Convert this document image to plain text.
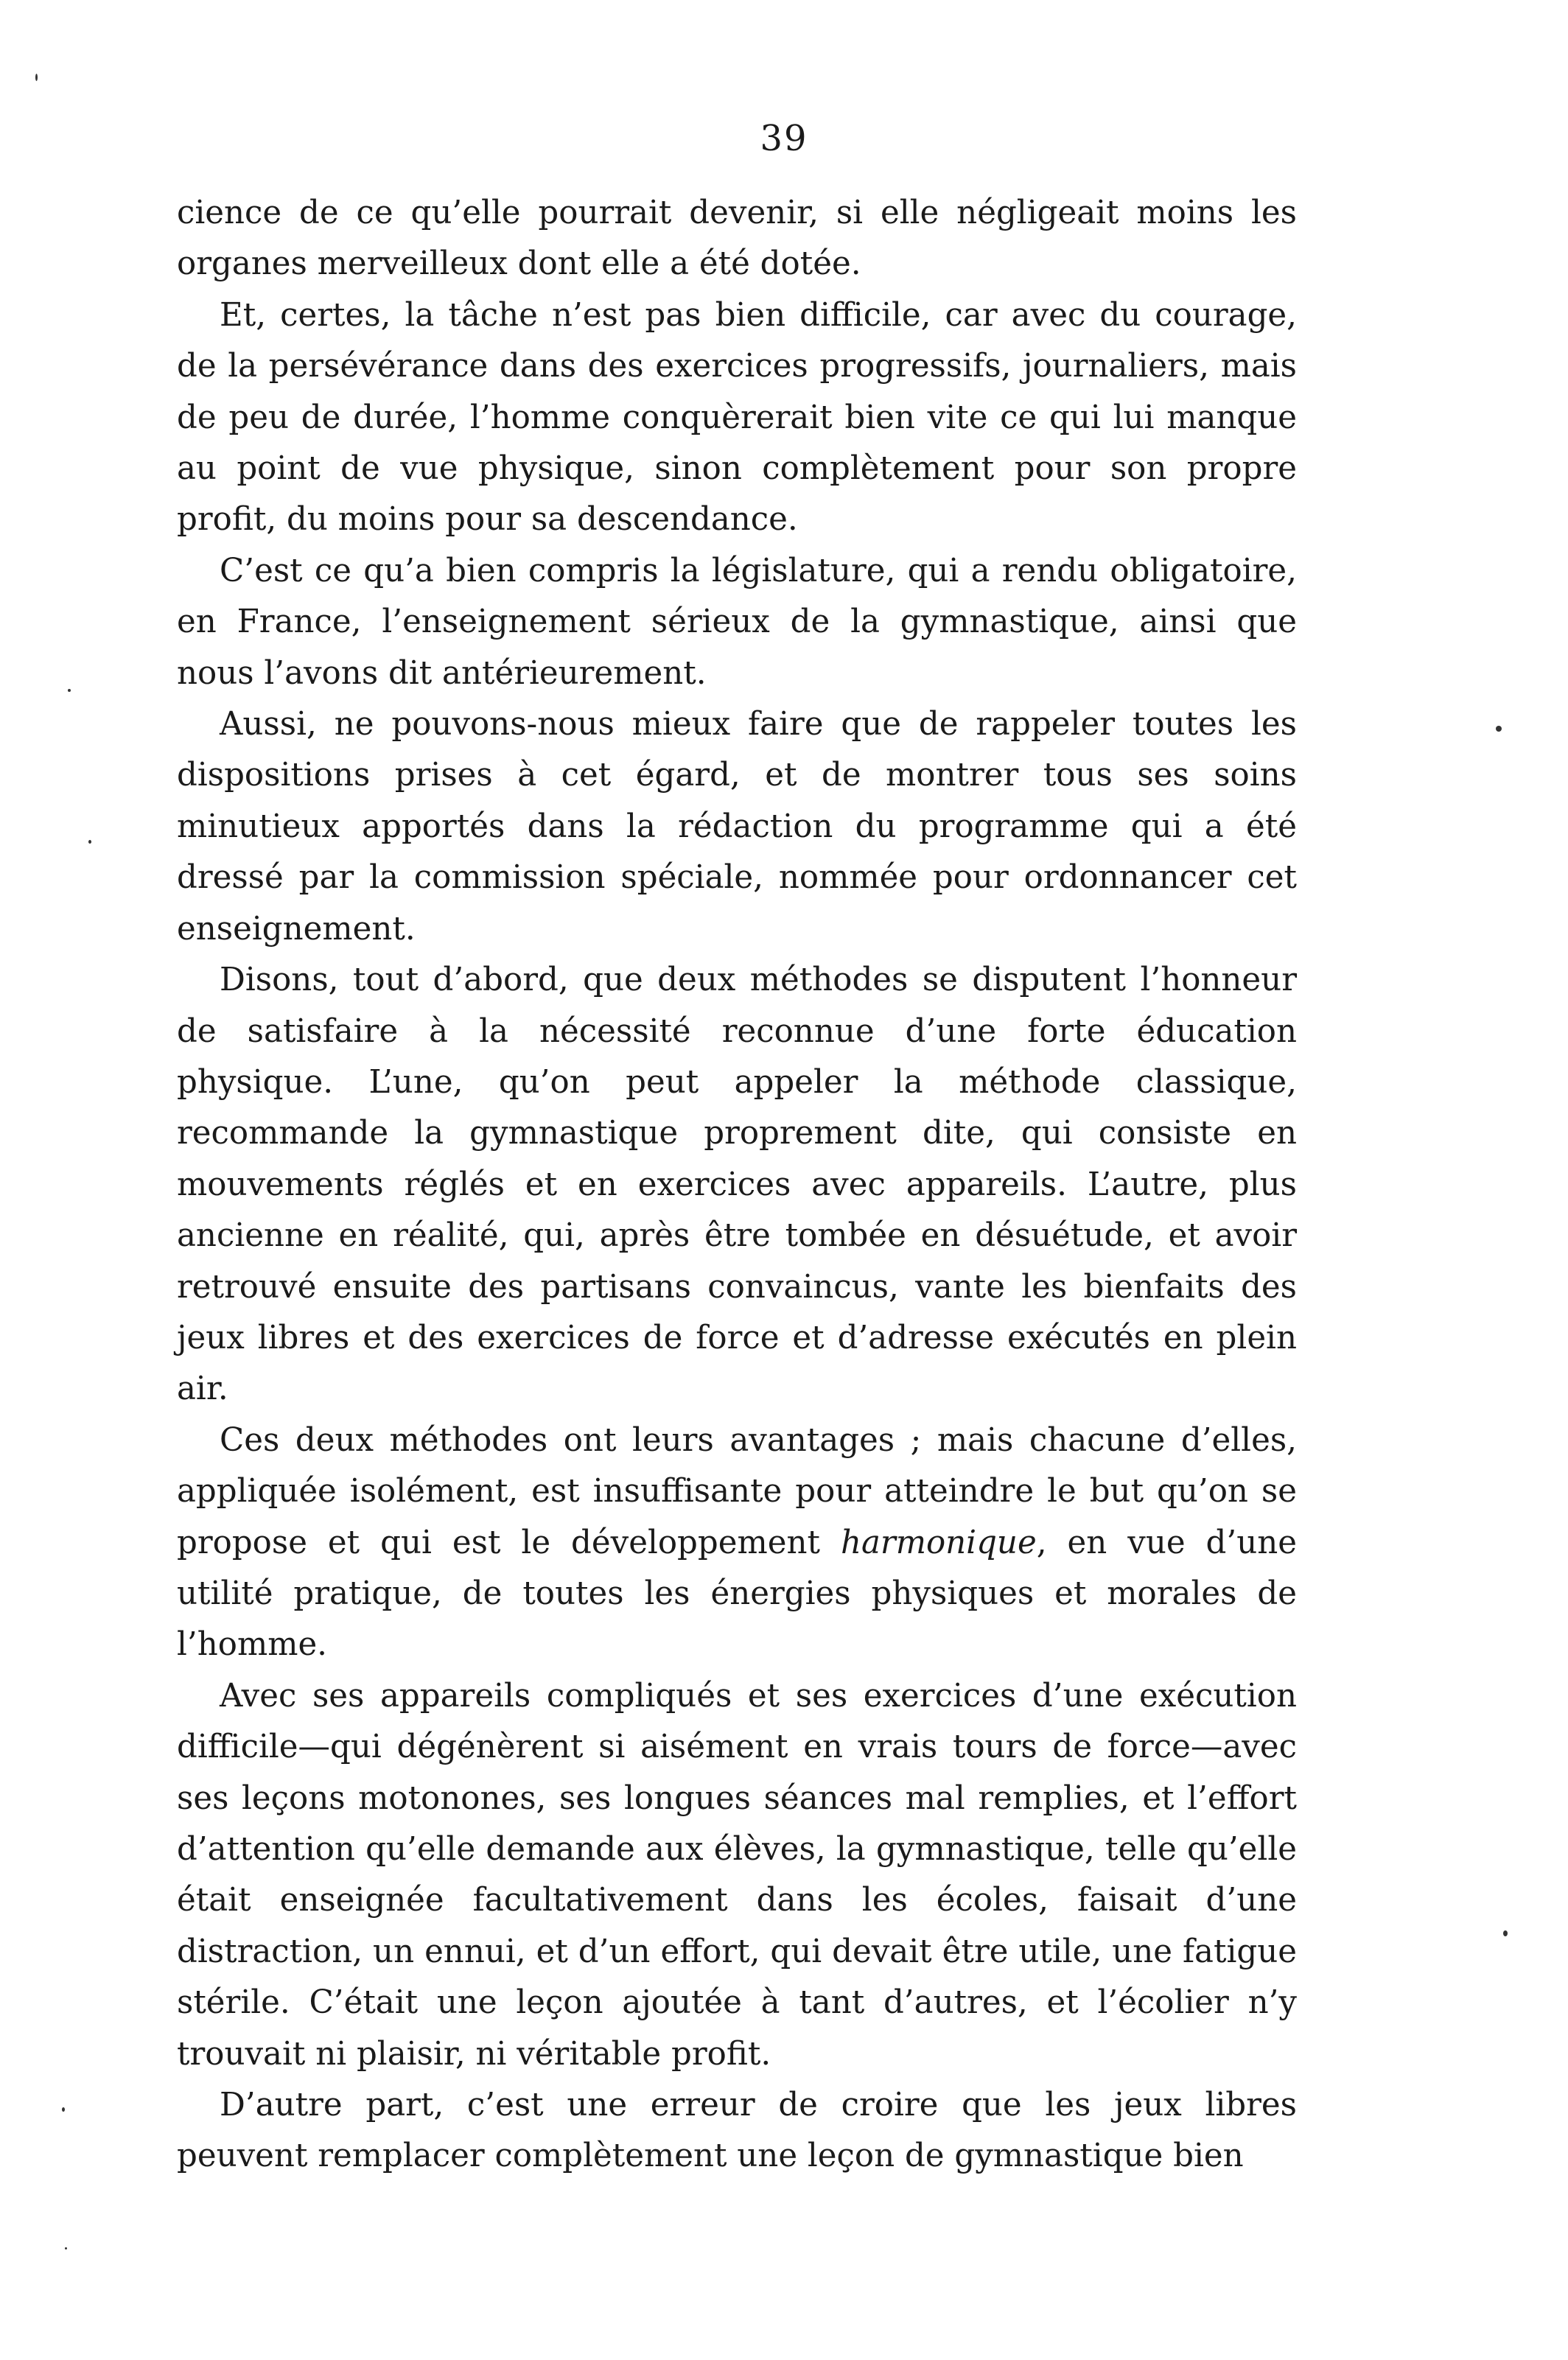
39

cience de ce qu’elle pourrait devenir, si elle négligeait moins les organes merveilleux dont elle a été dotée.

Et, certes, la tâche n’est pas bien difficile, car avec du courage, de la persévérance dans des exercices progressifs, journaliers, mais de peu de durée, l’homme conquèrerait bien vite ce qui lui manque au point de vue physique, sinon complètement pour son propre profit, du moins pour sa descendance.

C’est ce qu’a bien compris la législature, qui a rendu obligatoire, en France, l’enseignement sérieux de la gymnastique, ainsi que nous l’avons dit antérieurement.

Aussi, ne pouvons-nous mieux faire que de rappeler toutes les dispositions prises à cet égard, et de montrer tous ses soins minutieux apportés dans la rédaction du programme qui a été dressé par la commission spéciale, nommée pour ordonnancer cet enseignement.

Disons, tout d’abord, que deux méthodes se disputent l’honneur de satisfaire à la nécessité reconnue d’une forte éducation physique. L’une, qu’on peut appeler la méthode classique, recommande la gymnastique proprement dite, qui consiste en mouvements réglés et en exercices avec appareils. L’autre, plus ancienne en réalité, qui, après être tombée en désuétude, et avoir retrouvé ensuite des partisans convaincus, vante les bienfaits des jeux libres et des exercices de force et d’adresse exécutés en plein air.

Ces deux méthodes ont leurs avantages ; mais chacune d’elles, appliquée isolément, est insuffisante pour atteindre le but qu’on se propose et qui est le développement harmonique, en vue d’une utilité pratique, de toutes les énergies physiques et morales de l’homme.

Avec ses appareils compliqués et ses exercices d’une exécution difficile—qui dégénèrent si aisément en vrais tours de force—avec ses leçons motonones, ses longues séances mal remplies, et l’effort d’attention qu’elle demande aux élèves, la gymnastique, telle qu’elle était enseignée facultativement dans les écoles, faisait d’une distraction, un ennui, et d’un effort, qui devait être utile, une fatigue stérile. C’était une leçon ajoutée à tant d’autres, et l’écolier n’y trouvait ni plaisir, ni véritable profit.

D’autre part, c’est une erreur de croire que les jeux libres peuvent remplacer complètement une leçon de gymnastique bien
